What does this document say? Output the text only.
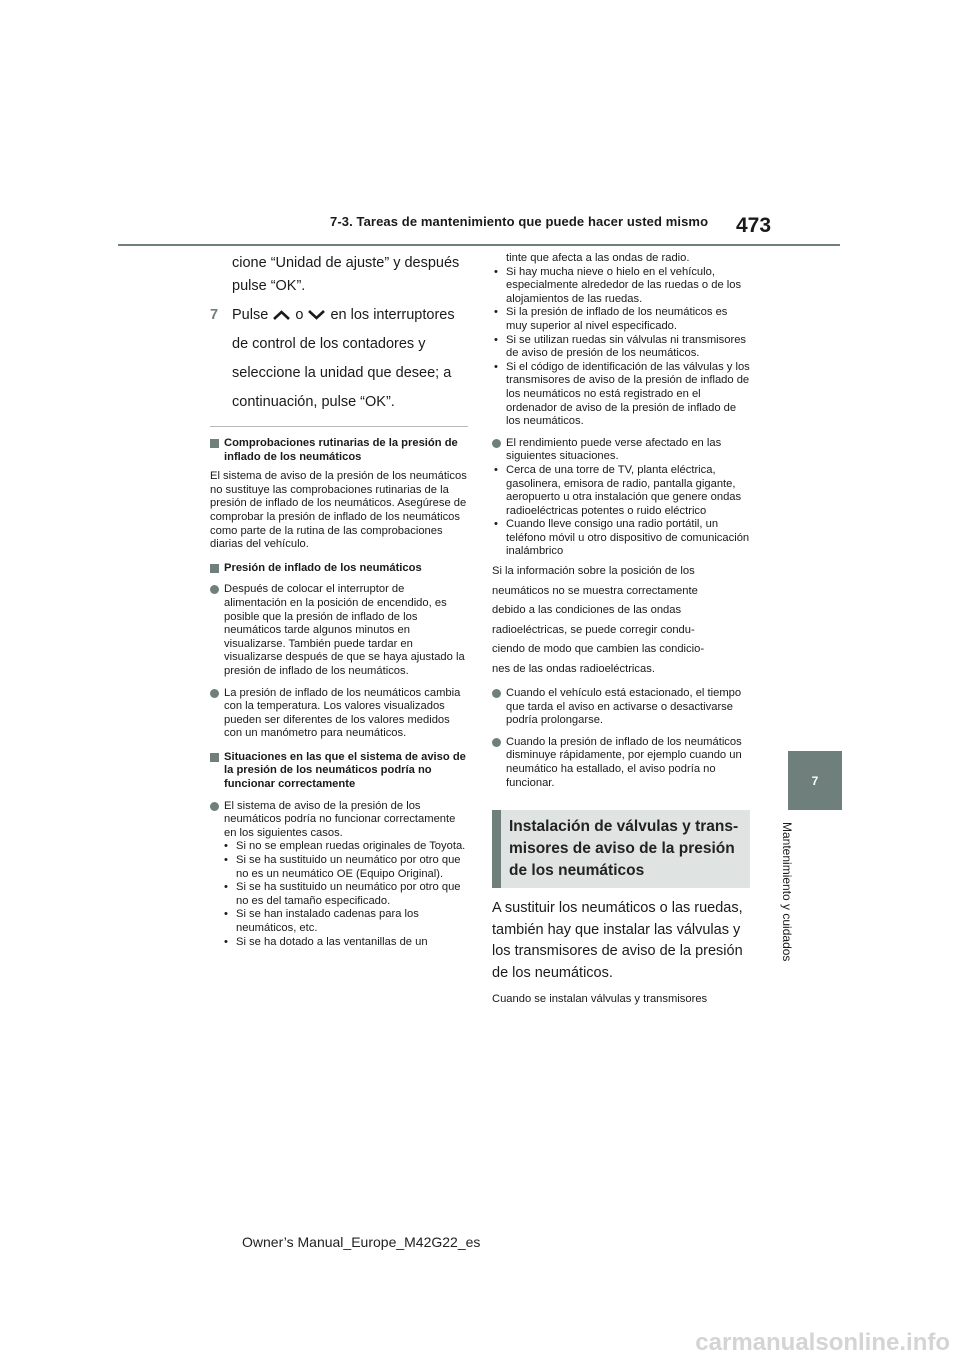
7-3. Tareas de mantenimiento que puede hacer usted mismo 473
7
Mantenimiento y cuidados

cione “Unidad de ajuste” y después

pulse “OK”.

7 Pulse o en los interruptores

de control de los contadores y

seleccione la unidad que desee; a

continuación, pulse “OK”.

Comprobaciones rutinarias de la presión de inflado de los neumáticos

El sistema de aviso de la presión de los neumáticos no sustituye las comprobaciones rutinarias de la presión de inflado de los neumáticos. Asegúrese de comprobar la presión de inflado de los neumáticos como parte de la rutina de las comprobaciones diarias del vehículo.

Presión de inflado de los neumáticos
Después de colocar el interruptor de alimentación en la posición de encendido, es posible que la presión de inflado de los neumáticos tarde algunos minutos en visualizarse. También puede tardar en visualizarse después de que se haya ajustado la presión de inflado de los neumáticos.
La presión de inflado de los neumáticos cambia con la temperatura. Los valores visualizados pueden ser diferentes de los valores medidos con un manómetro para neumáticos.
Situaciones en las que el sistema de aviso de la presión de los neumáticos podría no funcionar correctamente
El sistema de aviso de la presión de los neumáticos podría no funcionar correctamente en los siguientes casos.
• Si no se emplean ruedas originales de Toyota.
• Si se ha sustituido un neumático por otro que no es un neumático OE (Equipo Original).
• Si se ha sustituido un neumático por otro que no es del tamaño especificado.
• Si se han instalado cadenas para los neumáticos, etc.
• Si se ha dotado a las ventanillas de un
tinte que afecta a las ondas de radio.
• Si hay mucha nieve o hielo en el vehículo, especialmente alrededor de las ruedas o de los alojamientos de las ruedas.
• Si la presión de inflado de los neumáticos es muy superior al nivel especificado.
• Si se utilizan ruedas sin válvulas ni transmisores de aviso de presión de los neumáticos.
• Si el código de identificación de las válvulas y los transmisores de aviso de la presión de inflado de los neumáticos no está registrado en el ordenador de aviso de la presión de inflado de los neumáticos.
El rendimiento puede verse afectado en las siguientes situaciones.
• Cerca de una torre de TV, planta eléctrica, gasolinera, emisora de radio, pantalla gigante, aeropuerto u otra instalación que genere ondas radioeléctricas potentes o ruido eléctrico
• Cuando lleve consigo una radio portátil, un teléfono móvil u otro dispositivo de comunicación inalámbrico
Si la información sobre la posición de los
neumáticos no se muestra correctamente
debido a las condiciones de las ondas
radioeléctricas, se puede corregir condu-
ciendo de modo que cambien las condicio-
nes de las ondas radioeléctricas.
Cuando el vehículo está estacionado, el tiempo que tarda el aviso en activarse o desactivarse podría prolongarse.
Cuando la presión de inflado de los neumáticos disminuye rápidamente, por ejemplo cuando un neumático ha estallado, el aviso podría no funcionar.
Instalación de válvulas y trans-
misores de aviso de la presión
de los neumáticos

A sustituir los neumáticos o las ruedas,

también hay que instalar las válvulas y

los transmisores de aviso de la presión

de los neumáticos.

Cuando se instalan válvulas y transmisores

Owner’s Manual_Europe_M42G22_es
carmanualsonline.info
